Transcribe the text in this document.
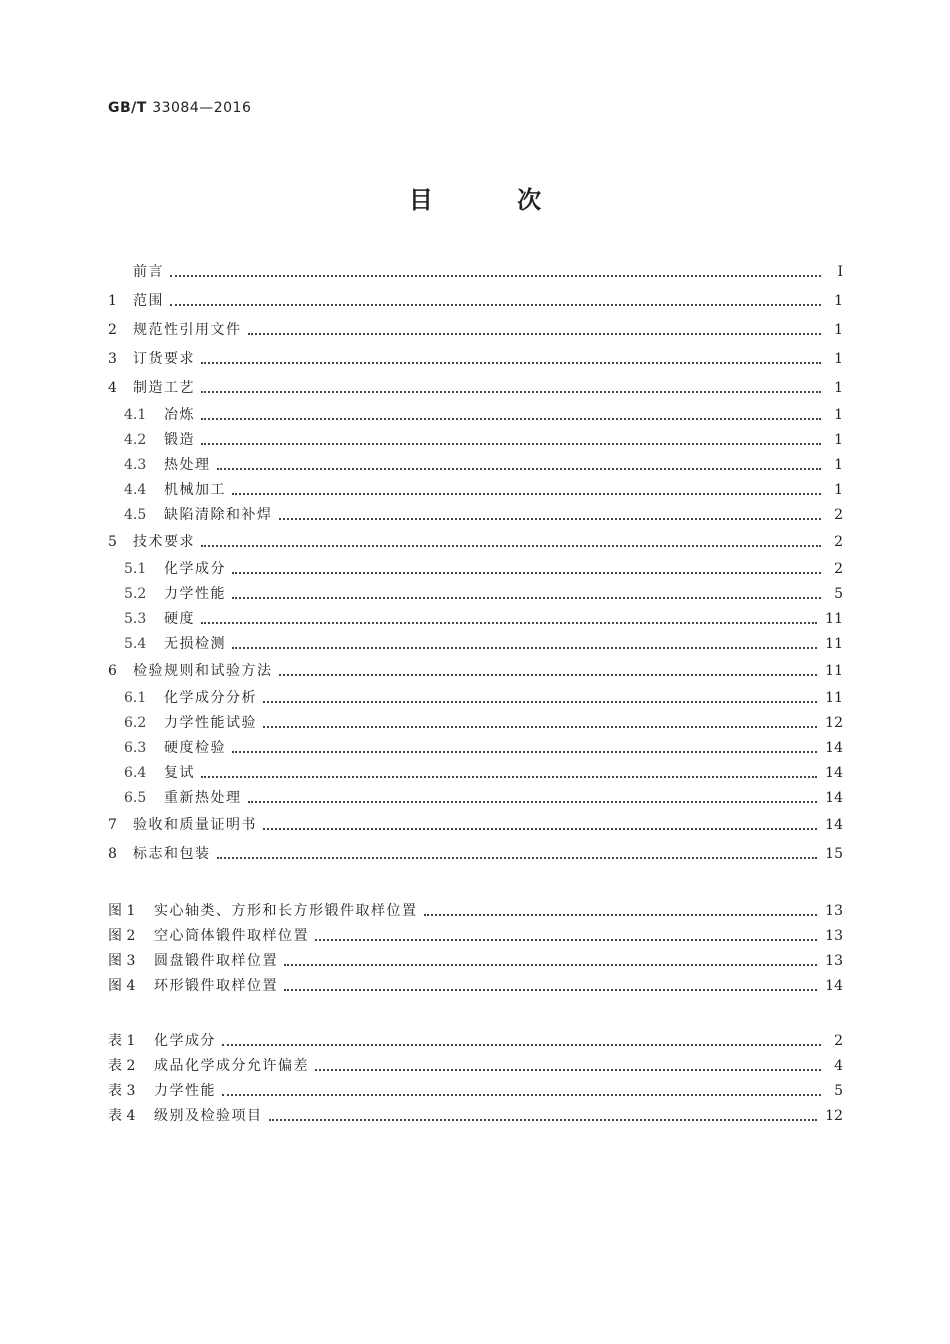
GB/T 33084—2016
目 次
前言	Ⅰ
1	范围	1
2	规范性引用文件	1
3	订货要求	1
4	制造工艺	1
4.1	冶炼	1
4.2	锻造	1
4.3	热处理	1
4.4	机械加工	1
4.5	缺陷清除和补焊	2
5	技术要求	2
5.1	化学成分	2
5.2	力学性能	5
5.3	硬度	11
5.4	无损检测	11
6	检验规则和试验方法	11
6.1	化学成分分析	11
6.2	力学性能试验	12
6.3	硬度检验	14
6.4	复试	14
6.5	重新热处理	14
7	验收和质量证明书	14
8	标志和包装	15
图 1	实心轴类、方形和长方形锻件取样位置	13
图 2	空心筒体锻件取样位置	13
图 3	圆盘锻件取样位置	13
图 4	环形锻件取样位置	14
表 1	化学成分	2
表 2	成品化学成分允许偏差	4
表 3	力学性能	5
表 4	级别及检验项目	12
